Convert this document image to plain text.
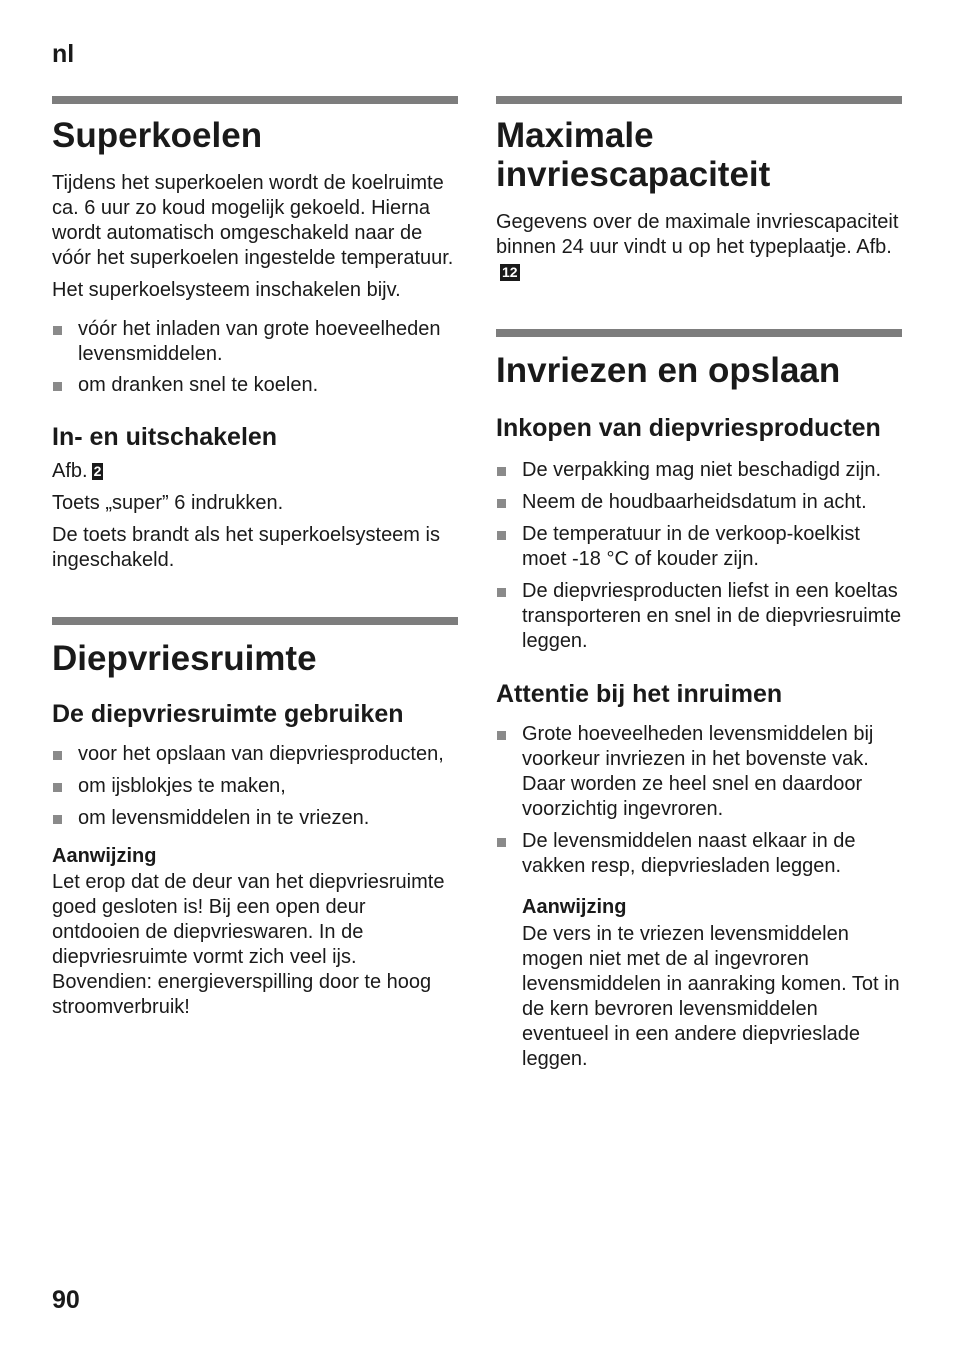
nl
Superkoelen

Tijdens het superkoelen wordt de koelruimte ca. 6 uur zo koud mogelijk gekoeld. Hierna wordt automatisch omgeschakeld naar de vóór het superkoelen ingestelde temperatuur.

Het superkoelsysteem inschakelen bijv.

vóór het inladen van grote hoeveelheden levensmiddelen.
om dranken snel te koelen.
In- en uitschakelen

Afb. 2

Toets „super” 6 indrukken.

De toets brandt als het superkoelsysteem is ingeschakeld.

Diepvriesruimte
De diepvriesruimte gebruiken
voor het opslaan van diepvriesproducten,
om ijsblokjes te maken,
om levensmiddelen in te vriezen.
Aanwijzing

Let erop dat de deur van het diepvriesruimte goed gesloten is! Bij een open deur ontdooien de diepvrieswaren. In de diepvriesruimte vormt zich veel ijs. Bovendien: energieverspilling door te hoog stroomverbruik!

Maximale invriescapaciteit

Gegevens over de maximale invriescapaciteit binnen 24 uur vindt u op het typeplaatje. Afb.12

Invriezen en opslaan
Inkopen van diepvriesproducten
De verpakking mag niet beschadigd zijn.
Neem de houdbaarheidsdatum in acht.
De temperatuur in de verkoop-koelkist moet -18 °C of kouder zijn.
De diepvriesproducten liefst in een koeltas transporteren en snel in de diepvriesruimte leggen.
Attentie bij het inruimen
Grote hoeveelheden levensmiddelen bij voorkeur invriezen in het bovenste vak. Daar worden ze heel snel en daardoor voorzichtig ingevroren.
De levensmiddelen naast elkaar in de vakken resp, diepvriesladen leggen.
Aanwijzing

De vers in te vriezen levensmiddelen mogen niet met de al ingevroren levensmiddelen in aanraking komen. Tot in de kern bevroren levensmiddelen eventueel in een andere diepvrieslade leggen.

90
